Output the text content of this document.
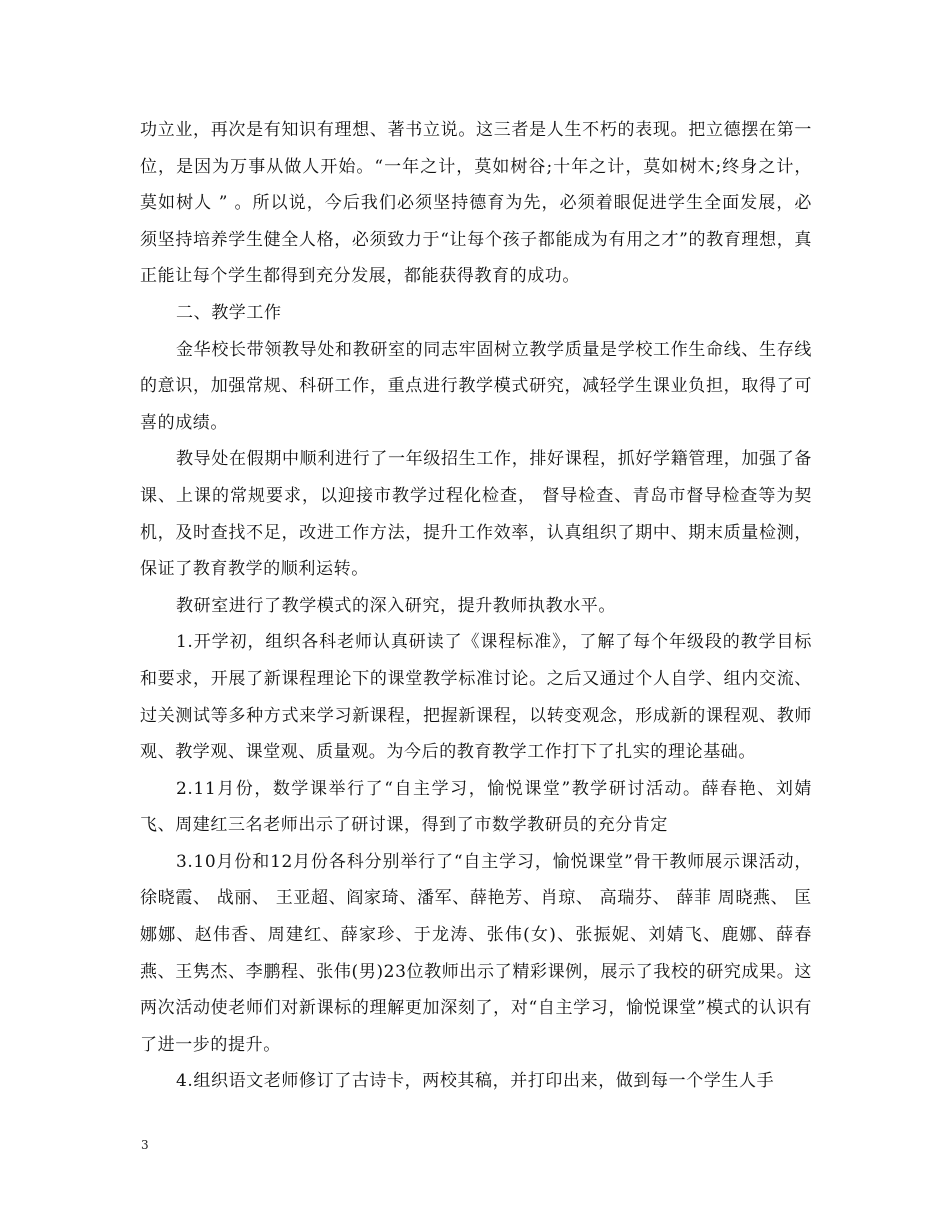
功立业，再次是有知识有理想、著书立说。这三者是人生不朽的表现。把立德摆在第一位，是因为万事从做人开始。“一年之计，莫如树谷;十年之计，莫如树木;终身之计，莫如树人 ” 。所以说，今后我们必须坚持德育为先，必须着眼促进学生全面发展，必须坚持培养学生健全人格，必须致力于“让每个孩子都能成为有用之才”的教育理想，真正能让每个学生都得到充分发展，都能获得教育的成功。

二、教学工作

金华校长带领教导处和教研室的同志牢固树立教学质量是学校工作生命线、生存线的意识，加强常规、科研工作，重点进行教学模式研究，减轻学生课业负担，取得了可喜的成绩。

教导处在假期中顺利进行了一年级招生工作，排好课程，抓好学籍管理，加强了备课、上课的常规要求，以迎接市教学过程化检查， 督导检查、青岛市督导检查等为契机，及时查找不足，改进工作方法，提升工作效率，认真组织了期中、期末质量检测，保证了教育教学的顺利运转。

教研室进行了教学模式的深入研究，提升教师执教水平。

1.开学初，组织各科老师认真研读了《课程标准》，了解了每个年级段的教学目标和要求，开展了新课程理论下的课堂教学标准讨论。之后又通过个人自学、组内交流、过关测试等多种方式来学习新课程，把握新课程，以转变观念，形成新的课程观、教师观、教学观、课堂观、质量观。为今后的教育教学工作打下了扎实的理论基础。

2.11月份，数学课举行了“自主学习，愉悦课堂”教学研讨活动。薛春艳、刘婧飞、周建红三名老师出示了研讨课，得到了市数学教研员的充分肯定

3.10月份和12月份各科分别举行了“自主学习，愉悦课堂”骨干教师展示课活动，徐晓霞、 战丽、 王亚超、阎家琦、潘军、薛艳芳、肖琼、 高瑞芬、 薛菲 周晓燕、 匡娜娜、赵伟香、周建红、薛家珍、于龙涛、张伟(女)、张振妮、刘婧飞、鹿娜、薛春燕、王隽杰、李鹏程、张伟(男)23位教师出示了精彩课例，展示了我校的研究成果。这两次活动使老师们对新课标的理解更加深刻了，对“自主学习，愉悦课堂”模式的认识有了进一步的提升。

4.组织语文老师修订了古诗卡，两校其稿，并打印出来，做到每一个学生人手

3
